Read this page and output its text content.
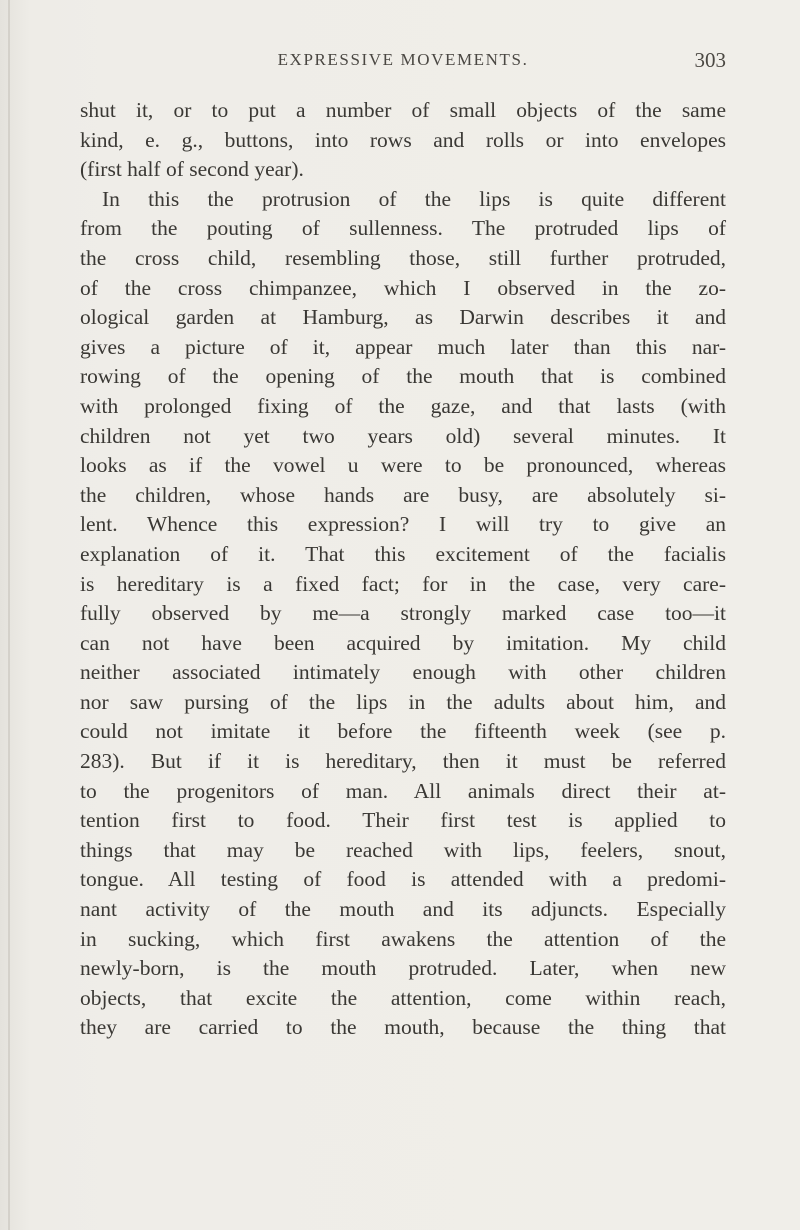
EXPRESSIVE MOVEMENTS.	303
shut it, or to put a number of small objects of the same
kind, e. g., buttons, into rows and rolls or into envelopes
(first half of second year).
In this the protrusion of the lips is quite different
from the pouting of sullenness. The protruded lips of
the cross child, resembling those, still further protruded,
of the cross chimpanzee, which I observed in the zo-
ological garden at Hamburg, as Darwin describes it and
gives a picture of it, appear much later than this nar-
rowing of the opening of the mouth that is combined
with prolonged fixing of the gaze, and that lasts (with
children not yet two years old) several minutes. It
looks as if the vowel u were to be pronounced, whereas
the children, whose hands are busy, are absolutely si-
lent. Whence this expression? I will try to give an
explanation of it. That this excitement of the facialis
is hereditary is a fixed fact; for in the case, very care-
fully observed by me—a strongly marked case too—it
can not have been acquired by imitation. My child
neither associated intimately enough with other children
nor saw pursing of the lips in the adults about him, and
could not imitate it before the fifteenth week (see p.
283). But if it is hereditary, then it must be referred
to the progenitors of man. All animals direct their at-
tention first to food. Their first test is applied to
things that may be reached with lips, feelers, snout,
tongue. All testing of food is attended with a predomi-
nant activity of the mouth and its adjuncts. Especially
in sucking, which first awakens the attention of the
newly-born, is the mouth protruded. Later, when new
objects, that excite the attention, come within reach,
they are carried to the mouth, because the thing that
